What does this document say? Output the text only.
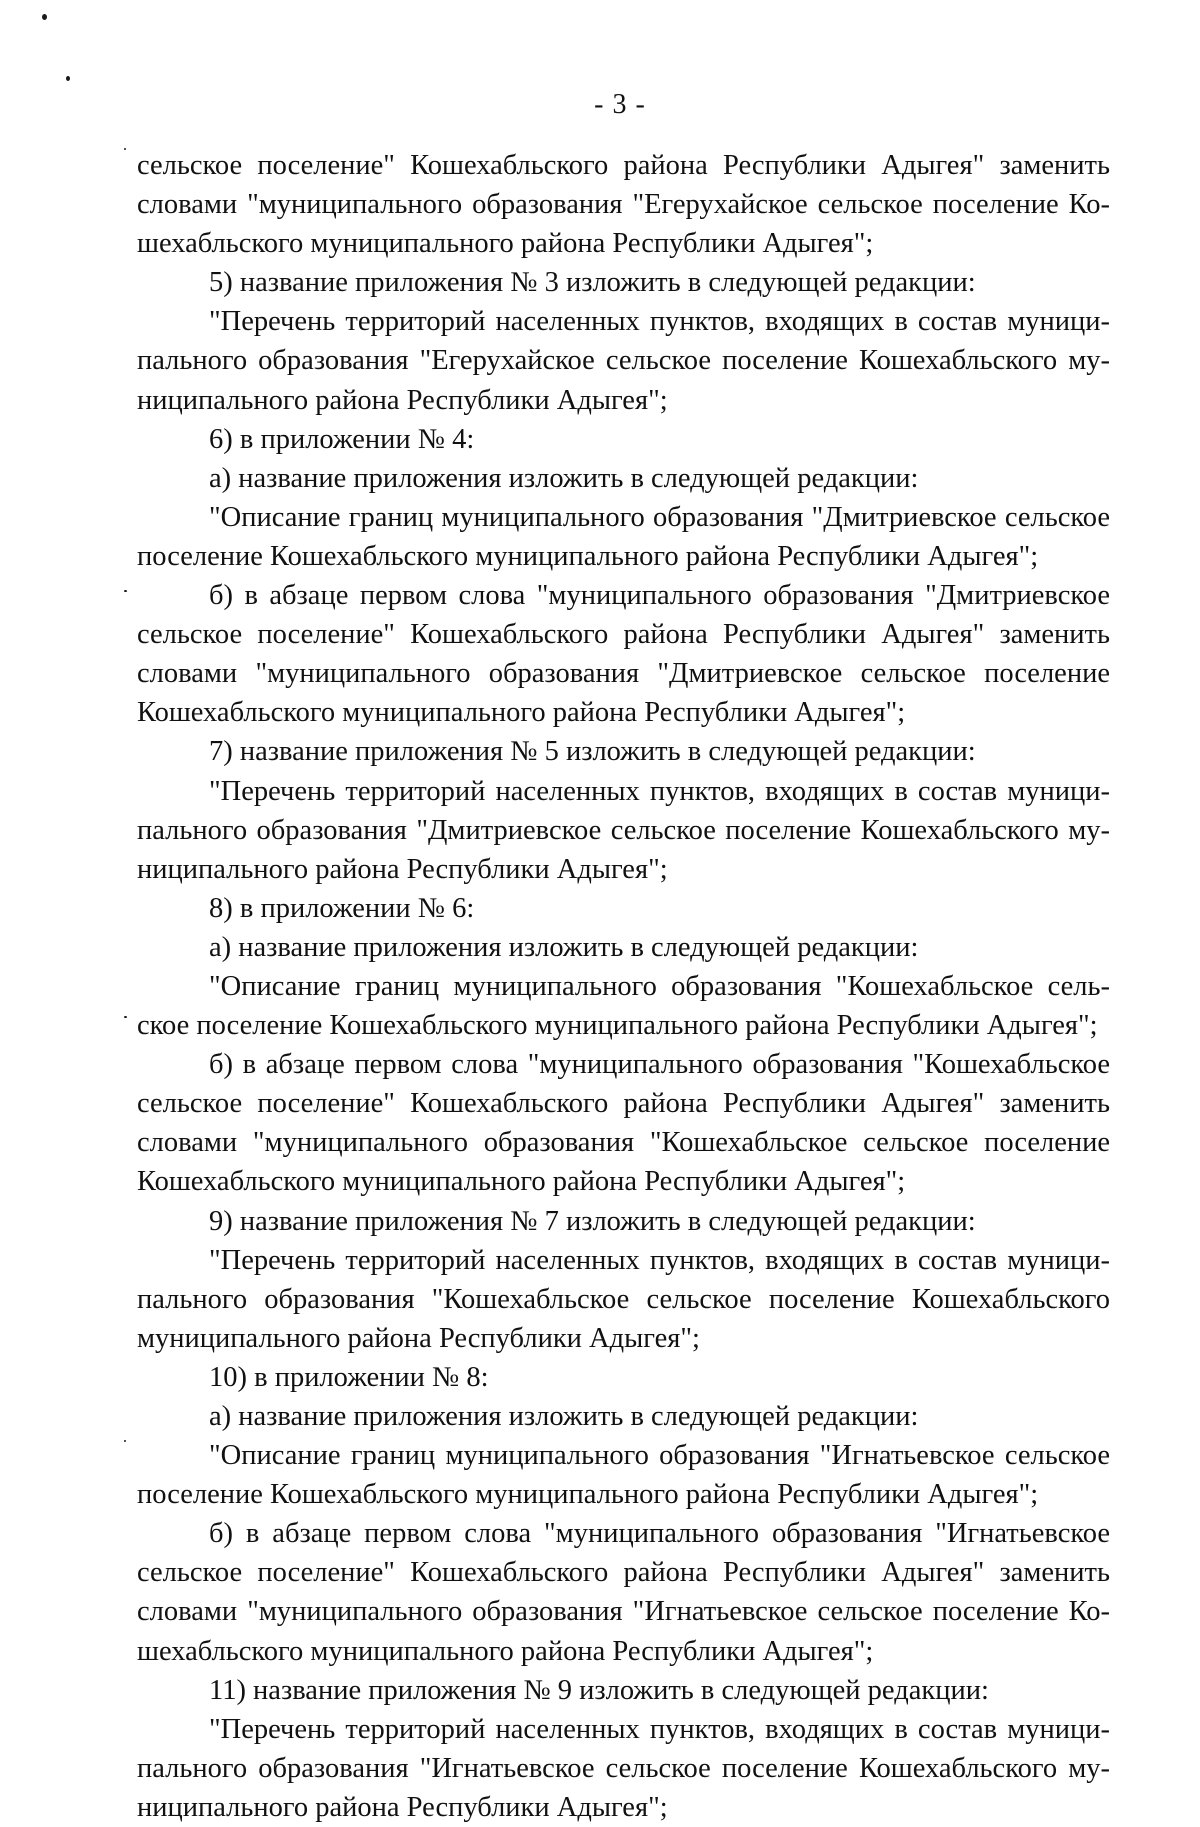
- 3 -
сельское поселение" Кошехабльского района Республики Адыгея" заменить
словами "муниципального образования "Егерухайское сельское поселение Ко-
шехабльского муниципального района Республики Адыгея";
5) название приложения № 3 изложить в следующей редакции:
"Перечень территорий населенных пунктов, входящих в состав муници-
пального образования "Егерухайское сельское поселение Кошехабльского му-
ниципального района Республики Адыгея";
6) в приложении № 4:
а) название приложения изложить в следующей редакции:
"Описание границ муниципального образования "Дмитриевское сельское
поселение Кошехабльского муниципального района Республики Адыгея";
б) в абзаце первом слова "муниципального образования "Дмитриевское
сельское поселение" Кошехабльского района Республики Адыгея" заменить
словами "муниципального образования "Дмитриевское сельское поселение
Кошехабльского муниципального района Республики Адыгея";
7) название приложения № 5 изложить в следующей редакции:
"Перечень территорий населенных пунктов, входящих в состав муници-
пального образования "Дмитриевское сельское поселение Кошехабльского му-
ниципального района Республики Адыгея";
8) в приложении № 6:
а) название приложения изложить в следующей редакции:
"Описание границ муниципального образования "Кошехабльское сель-
ское поселение Кошехабльского муниципального района Республики Адыгея";
б) в абзаце первом слова "муниципального образования "Кошехабльское
сельское поселение" Кошехабльского района Республики Адыгея" заменить
словами "муниципального образования "Кошехабльское сельское поселение
Кошехабльского муниципального района Республики Адыгея";
9) название приложения № 7 изложить в следующей редакции:
"Перечень территорий населенных пунктов, входящих в состав муници-
пального образования "Кошехабльское сельское поселение Кошехабльского
муниципального района Республики Адыгея";
10) в приложении № 8:
а) название приложения изложить в следующей редакции:
"Описание границ муниципального образования "Игнатьевское сельское
поселение Кошехабльского муниципального района Республики Адыгея";
б) в абзаце первом слова "муниципального образования "Игнатьевское
сельское поселение" Кошехабльского района Республики Адыгея" заменить
словами "муниципального образования "Игнатьевское сельское поселение Ко-
шехабльского муниципального района Республики Адыгея";
11) название приложения № 9 изложить в следующей редакции:
"Перечень территорий населенных пунктов, входящих в состав муници-
пального образования "Игнатьевское сельское поселение Кошехабльского му-
ниципального района Республики Адыгея";
